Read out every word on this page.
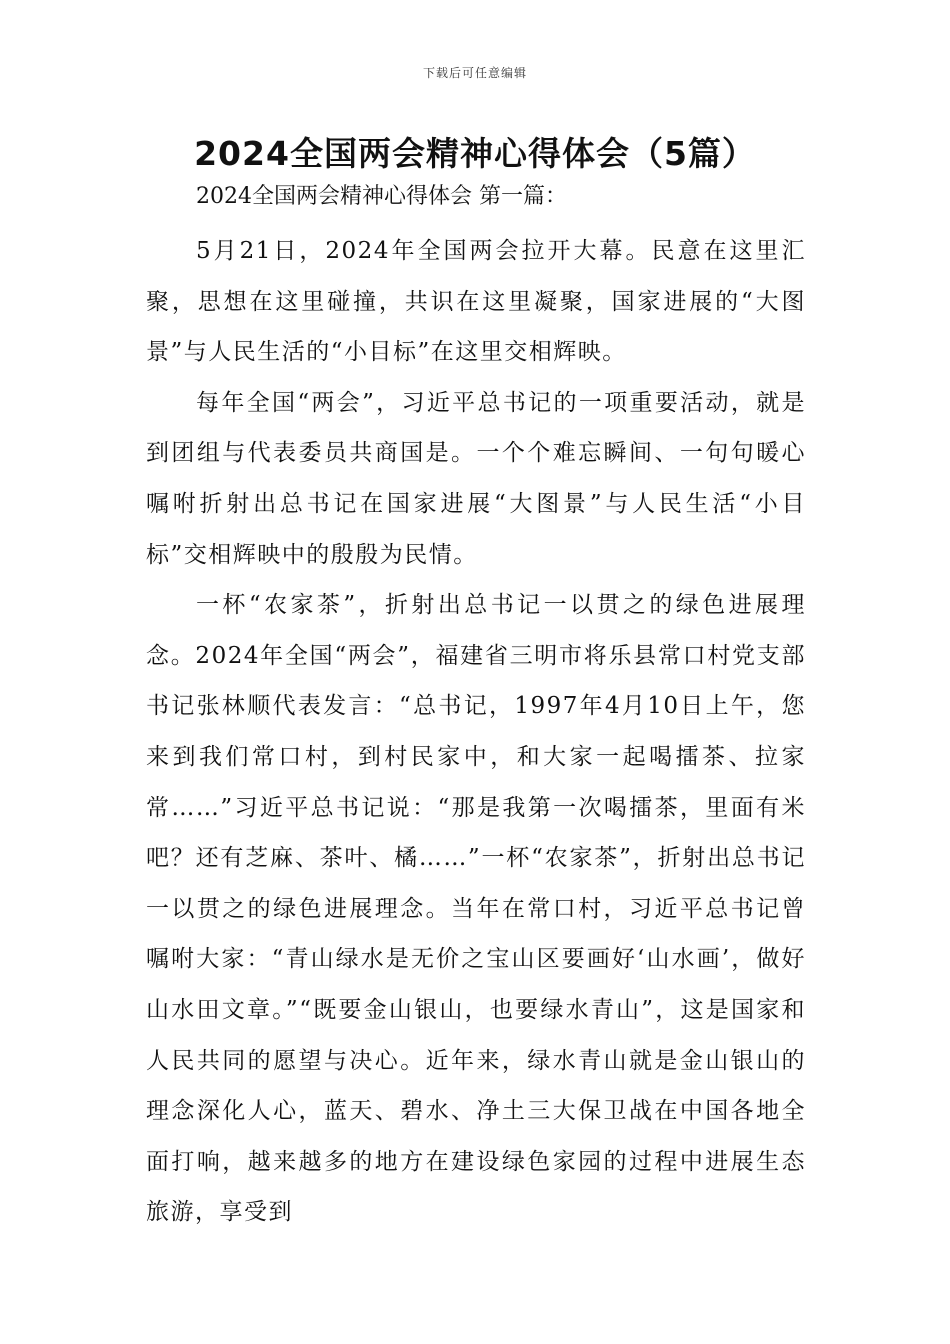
下载后可任意编辑
2024全国两会精神心得体会（5篇）
2024全国两会精神心得体会 第一篇：

5月21日，2024年全国两会拉开大幕。民意在这里汇聚，思想在这里碰撞，共识在这里凝聚，国家进展的“大图景”与人民生活的“小目标”在这里交相辉映。

每年全国“两会”，习近平总书记的一项重要活动，就是到团组与代表委员共商国是。一个个难忘瞬间、一句句暖心嘱咐折射出总书记在国家进展“大图景”与人民生活“小目标”交相辉映中的殷殷为民情。

一杯“农家茶”，折射出总书记一以贯之的绿色进展理念。2024年全国“两会”，福建省三明市将乐县常口村党支部书记张林顺代表发言：“总书记，1997年4月10日上午，您来到我们常口村，到村民家中，和大家一起喝擂茶、拉家常……”习近平总书记说：“那是我第一次喝擂茶，里面有米吧？还有芝麻、茶叶、橘……”一杯“农家茶”，折射出总书记一以贯之的绿色进展理念。当年在常口村，习近平总书记曾嘱咐大家：“青山绿水是无价之宝山区要画好‘山水画’，做好山水田文章。”“既要金山银山，也要绿水青山”，这是国家和人民共同的愿望与决心。近年来，绿水青山就是金山银山的理念深化人心，蓝天、碧水、净土三大保卫战在中国各地全面打响，越来越多的地方在建设绿色家园的过程中进展生态旅游，享受到
